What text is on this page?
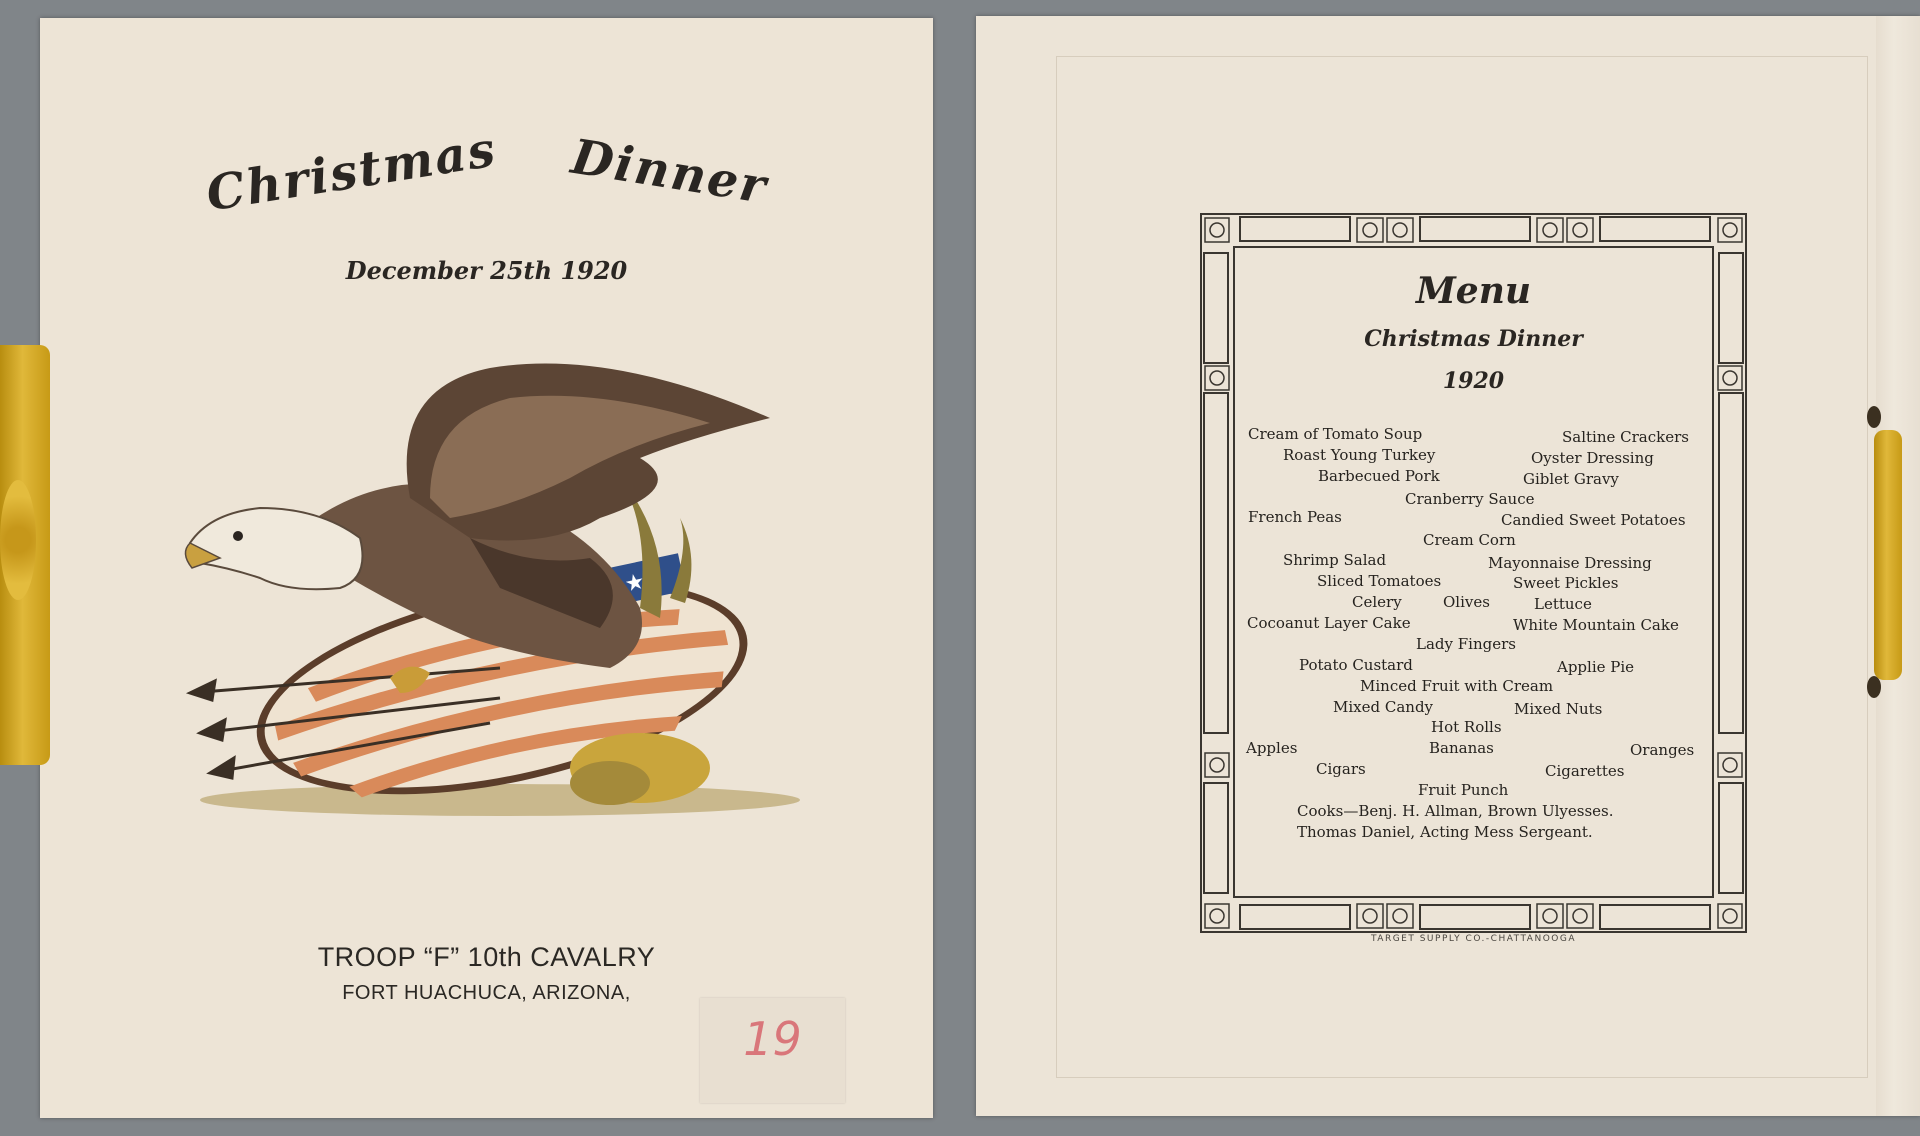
Christmas Dinner
December 25th 1920
★
TROOP “F” 10th CAVALRY
FORT HUACHUCA, ARIZONA,
19
Menu
Christmas Dinner
1920
Cream of Tomato Soup	Saltine Crackers
Roast Young Turkey	Oyster Dressing
Barbecued Pork	Giblet Gravy
Cranberry Sauce
French Peas	Candied Sweet Potatoes
Cream Corn
Shrimp Salad	Mayonnaise Dressing
Sliced Tomatoes	Sweet Pickles
Celery	Olives	Lettuce
Cocoanut Layer Cake	White Mountain Cake
Lady Fingers
Potato Custard	Applie Pie
Minced Fruit with Cream
Mixed Candy	Mixed Nuts
Hot Rolls
Apples	Bananas	Oranges
Cigars	Cigarettes
Fruit Punch
Cooks—Benj. H. Allman, Brown Ulyesses.
Thomas Daniel, Acting Mess Sergeant.
TARGET SUPPLY CO.-CHATTANOOGA
